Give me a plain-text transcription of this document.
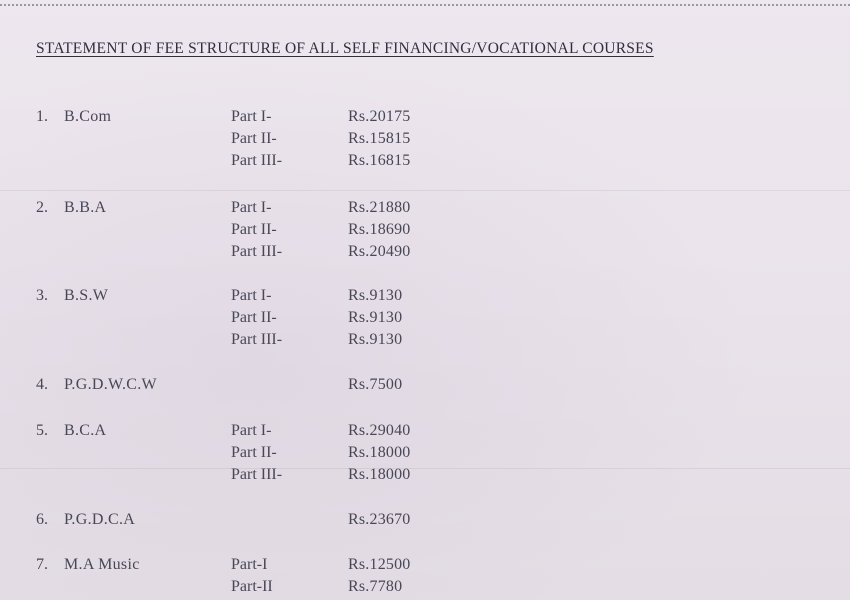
STATEMENT OF FEE STRUCTURE OF ALL SELF FINANCING/VOCATIONAL COURSES
1. B.Com	Part I-	Rs.20175
Part II-	Rs.15815
Part III-	Rs.16815
2. B.B.A	Part I-	Rs.21880
Part II-	Rs.18690
Part III-	Rs.20490
3. B.S.W	Part I-	Rs.9130
Part II-	Rs.9130
Part III-	Rs.9130
4. P.G.D.W.C.W	Rs.7500
5. B.C.A	Part I-	Rs.29040
Part II-	Rs.18000
Part III-	Rs.18000
6. P.G.D.C.A	Rs.23670
7. M.A Music	Part-I	Rs.12500
Part-II	Rs.7780
